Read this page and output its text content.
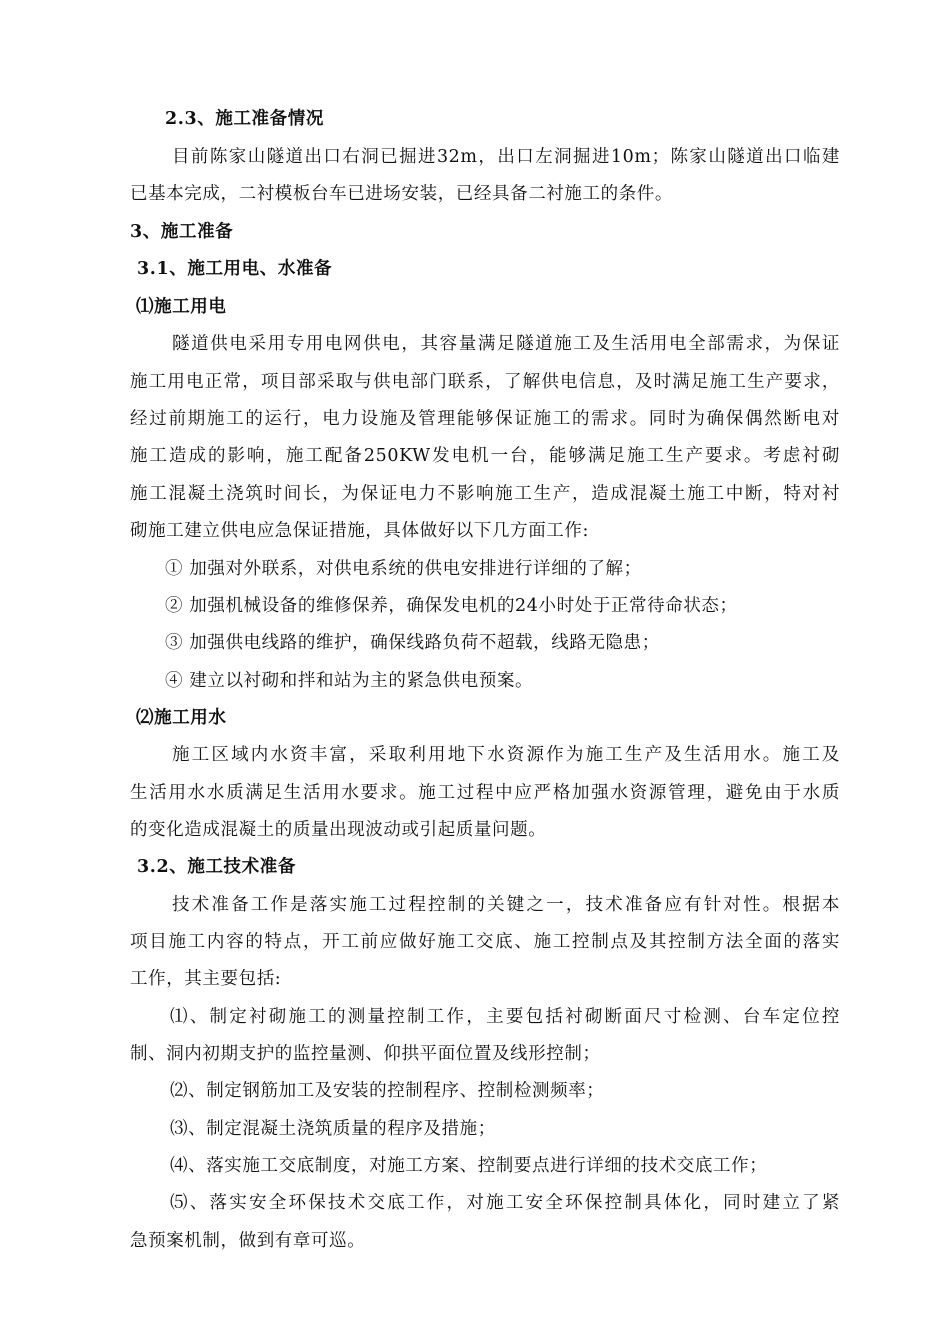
2.3、施工准备情况
目前陈家山隧道出口右洞已掘进32m，出口左洞掘进10m；陈家山隧道出口临建
已基本完成，二衬模板台车已进场安装，已经具备二衬施工的条件。
3、施工准备
3.1、施工用电、水准备
⑴施工用电
隧道供电采用专用电网供电，其容量满足隧道施工及生活用电全部需求，为保证
施工用电正常，项目部采取与供电部门联系，了解供电信息，及时满足施工生产要求，
经过前期施工的运行，电力设施及管理能够保证施工的需求。同时为确保偶然断电对
施工造成的影响，施工配备250KW发电机一台，能够满足施工生产要求。考虑衬砌
施工混凝土浇筑时间长，为保证电力不影响施工生产，造成混凝土施工中断，特对衬
砌施工建立供电应急保证措施，具体做好以下几方面工作:
① 加强对外联系，对供电系统的供电安排进行详细的了解；
② 加强机械设备的维修保养，确保发电机的24小时处于正常待命状态；
③ 加强供电线路的维护，确保线路负荷不超载，线路无隐患；
④ 建立以衬砌和拌和站为主的紧急供电预案。
⑵施工用水
施工区域内水资丰富，采取利用地下水资源作为施工生产及生活用水。施工及
生活用水水质满足生活用水要求。施工过程中应严格加强水资源管理，避免由于水质
的变化造成混凝土的质量出现波动或引起质量问题。
3.2、施工技术准备
技术准备工作是落实施工过程控制的关键之一，技术准备应有针对性。根据本
项目施工内容的特点，开工前应做好施工交底、施工控制点及其控制方法全面的落实
工作，其主要包括:
⑴、制定衬砌施工的测量控制工作，主要包括衬砌断面尺寸检测、台车定位控
制、洞内初期支护的监控量测、仰拱平面位置及线形控制；
⑵、制定钢筋加工及安装的控制程序、控制检测频率；
⑶、制定混凝土浇筑质量的程序及措施；
⑷、落实施工交底制度，对施工方案、控制要点进行详细的技术交底工作；
⑸、落实安全环保技术交底工作，对施工安全环保控制具体化，同时建立了紧
急预案机制，做到有章可巡。
